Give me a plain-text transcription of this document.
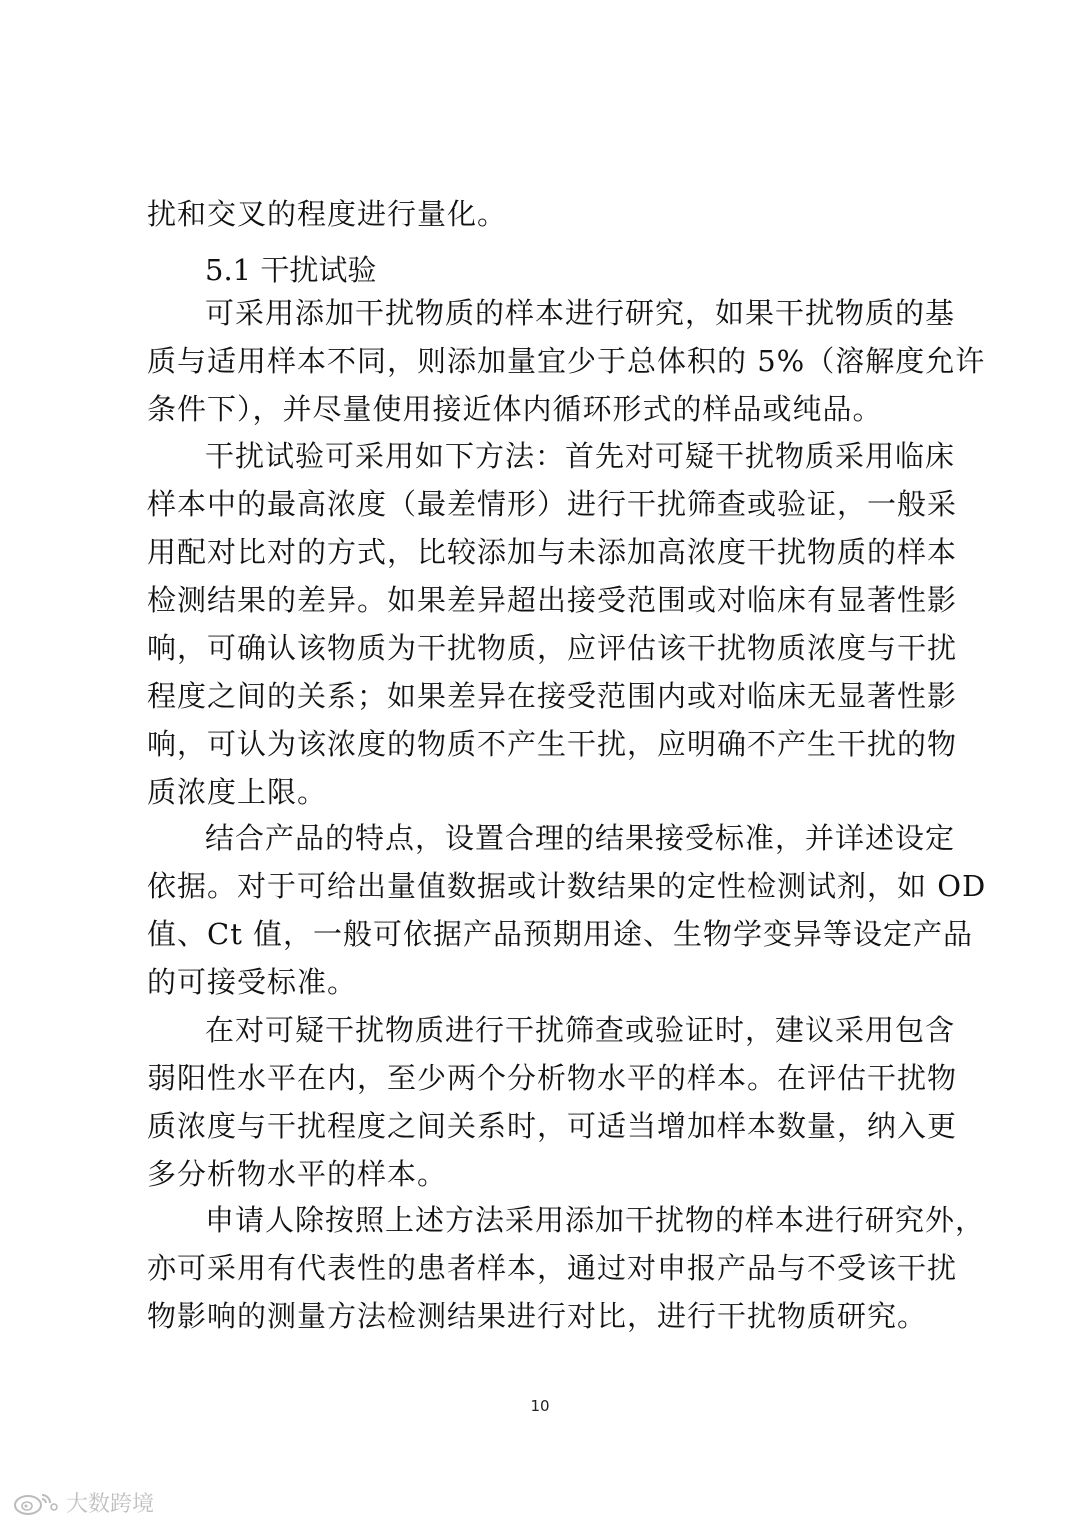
扰和交叉的程度进行量化。
5.1 干扰试验
可采用添加干扰物质的样本进行研究，如果干扰物质的基
质与适用样本不同，则添加量宜少于总体积的 5%（溶解度允许
条件下），并尽量使用接近体内循环形式的样品或纯品。
干扰试验可采用如下方法：首先对可疑干扰物质采用临床
样本中的最高浓度（最差情形）进行干扰筛查或验证，一般采
用配对比对的方式，比较添加与未添加高浓度干扰物质的样本
检测结果的差异。如果差异超出接受范围或对临床有显著性影
响，可确认该物质为干扰物质，应评估该干扰物质浓度与干扰
程度之间的关系；如果差异在接受范围内或对临床无显著性影
响，可认为该浓度的物质不产生干扰，应明确不产生干扰的物
质浓度上限。
结合产品的特点，设置合理的结果接受标准，并详述设定
依据。对于可给出量值数据或计数结果的定性检测试剂，如 OD
值、Ct 值，一般可依据产品预期用途、生物学变异等设定产品
的可接受标准。
在对可疑干扰物质进行干扰筛查或验证时，建议采用包含
弱阳性水平在内，至少两个分析物水平的样本。在评估干扰物
质浓度与干扰程度之间关系时，可适当增加样本数量，纳入更
多分析物水平的样本。
申请人除按照上述方法采用添加干扰物的样本进行研究外，
亦可采用有代表性的患者样本，通过对申报产品与不受该干扰
物影响的测量方法检测结果进行对比，进行干扰物质研究。
10
大数跨境
